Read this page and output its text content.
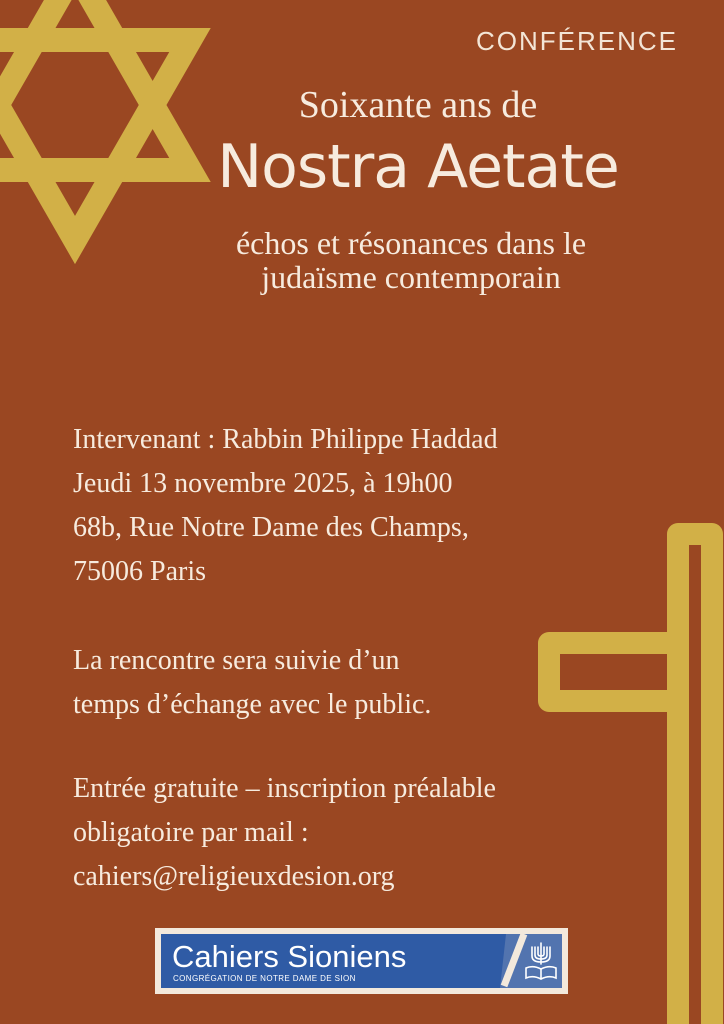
CONFÉRENCE
Soixante ans de
Nostra Aetate
échos et résonances dans le
judaïsme contemporain
Intervenant : Rabbin Philippe Haddad
Jeudi 13 novembre 2025, à 19h00
68b, Rue Notre Dame des Champs,
75006 Paris
La rencontre sera suivie d’un
temps d’échange avec le public.
Entrée gratuite – inscription préalable
obligatoire par mail :
cahiers@religieuxdesion.org
Cahiers Sioniens
CONGRÉGATION DE NOTRE DAME DE SION
